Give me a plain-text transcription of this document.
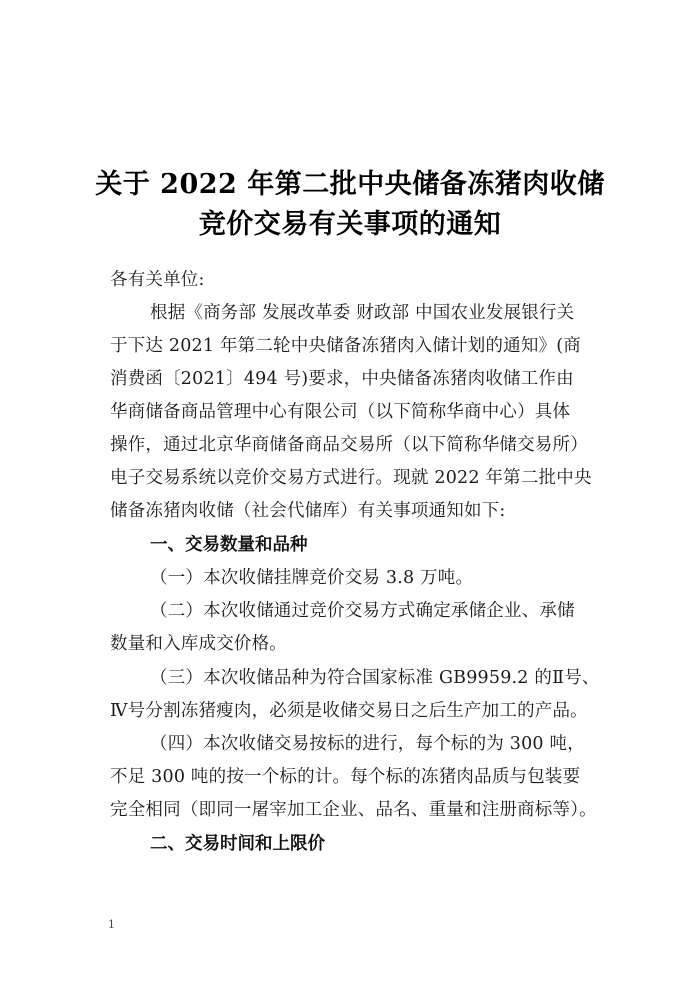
关于 2022 年第二批中央储备冻猪肉收储
竞价交易有关事项的通知
各有关单位:
根据《商务部 发展改革委 财政部 中国农业发展银行关
于下达 2021 年第二轮中央储备冻猪肉入储计划的通知》(商
消费函〔2021〕494 号)要求，中央储备冻猪肉收储工作由
华商储备商品管理中心有限公司（以下简称华商中心）具体
操作，通过北京华商储备商品交易所（以下简称华储交易所）
电子交易系统以竞价交易方式进行。现就 2022 年第二批中央
储备冻猪肉收储（社会代储库）有关事项通知如下:
一、交易数量和品种
（一）本次收储挂牌竞价交易 3.8 万吨。
（二）本次收储通过竞价交易方式确定承储企业、承储
数量和入库成交价格。
（三）本次收储品种为符合国家标准 GB9959.2 的Ⅱ号、
Ⅳ号分割冻猪瘦肉，必须是收储交易日之后生产加工的产品。
（四）本次收储交易按标的进行，每个标的为 300 吨，
不足 300 吨的按一个标的计。每个标的冻猪肉品质与包装要
完全相同（即同一屠宰加工企业、品名、重量和注册商标等）。
二、交易时间和上限价
1
